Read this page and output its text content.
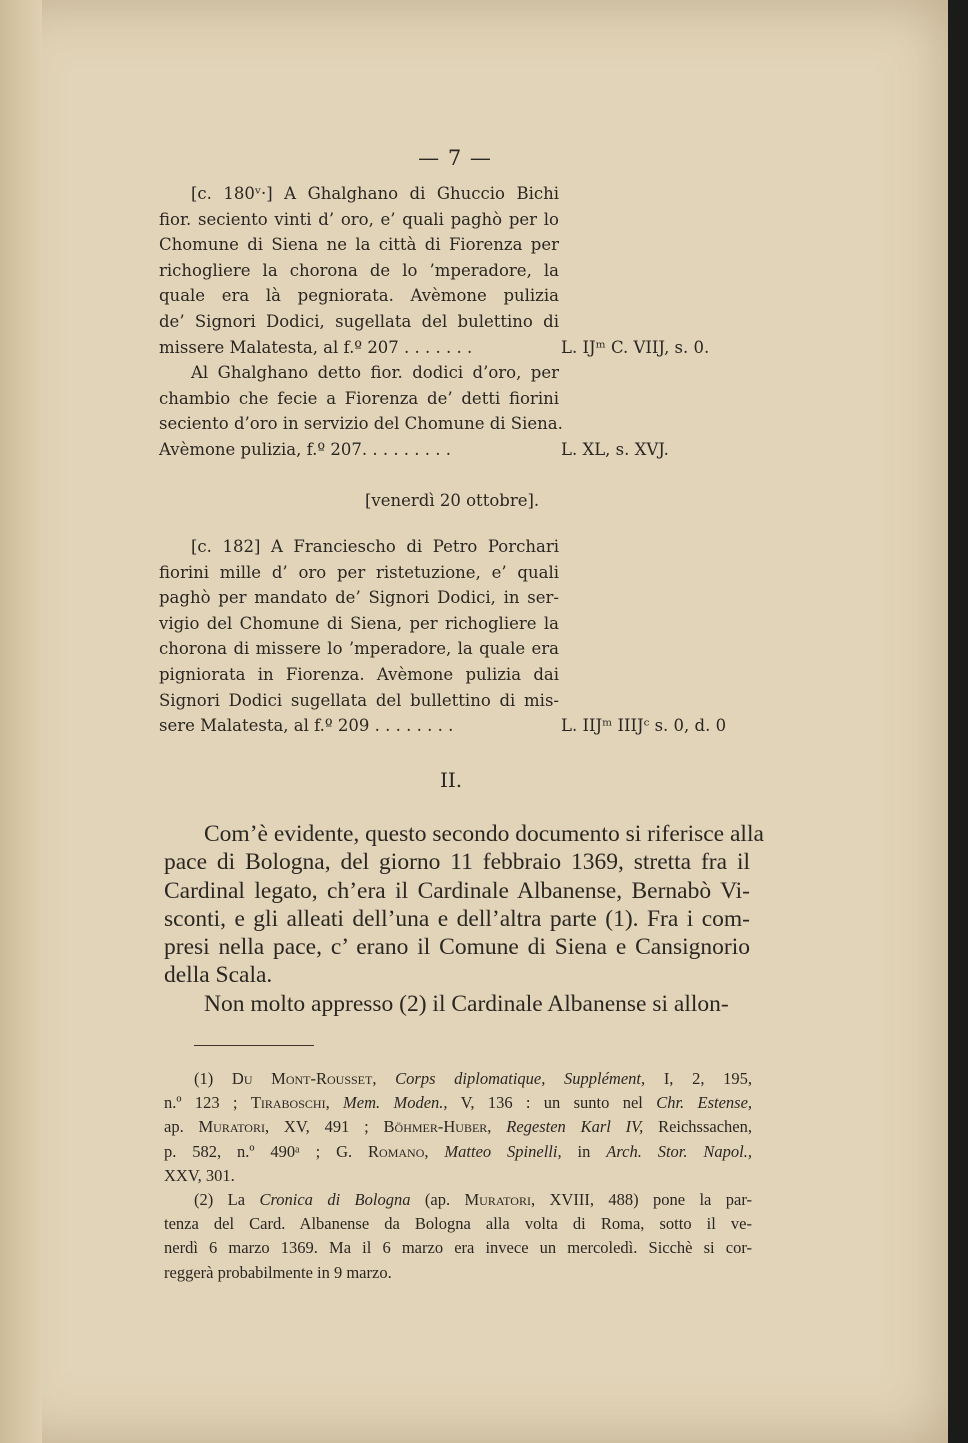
— 7 —
[c. 180ᵛ·] A Ghalghano di Ghuccio Bichi
fior. seciento vinti d’ oro, e’ quali paghò per lo
Chomune di Siena ne la città di Fiorenza per
richogliere la chorona de lo ’mperadore, la
quale era là pegniorata. Avèmone pulizia
de’ Signori Dodici, sugellata del bulettino di
missere Malatesta, al f.º 207 . . . . . . .	L. IJᵐ C. VIIJ, s. 0.
Al Ghalghano detto fior. dodici d’oro, per
chambio che fecie a Fiorenza de’ detti fiorini
seciento d’oro in servizio del Chomune di Siena.
Avèmone pulizia, f.º 207. . . . . . . . .	L. XL, s. XVJ.
[venerdì 20 ottobre].
[c. 182] A Franciescho di Petro Porchari
fiorini mille d’ oro per ristetuzione, e’ quali
paghò per mandato de’ Signori Dodici, in ser-
vigio del Chomune di Siena, per richogliere la
chorona di missere lo ’mperadore, la quale era
pigniorata in Fiorenza. Avèmone pulizia dai
Signori Dodici sugellata del bullettino di mis-
sere Malatesta, al f.º 209 . . . . . . . .	L. IIJᵐ IIIJᶜ s. 0, d. 0
II.
Com’è evidente, questo secondo documento si riferisce alla
pace di Bologna, del giorno 11 febbraio 1369, stretta fra il
Cardinal legato, ch’era il Cardinale Albanense, Bernabò Vi-
sconti, e gli alleati dell’una e dell’altra parte (1). Fra i com-
presi nella pace, c’ erano il Comune di Siena e Cansignorio
della Scala.
Non molto appresso (2) il Cardinale Albanense si allon-
(1) Du Mont-Rousset, Corps diplomatique, Supplément, I, 2, 195,
n.º 123 ; Tiraboschi, Mem. Moden., V, 136 : un sunto nel Chr. Estense,
ap. Muratori, XV, 491 ; Böhmer-Huber, Regesten Karl IV, Reichssachen,
p. 582, n.º 490ᵃ ; G. Romano, Matteo Spinelli, in Arch. Stor. Napol.,
XXV, 301.
(2) La Cronica di Bologna (ap. Muratori, XVIII, 488) pone la par-
tenza del Card. Albanense da Bologna alla volta di Roma, sotto il ve-
nerdì 6 marzo 1369. Ma il 6 marzo era invece un mercoledì. Sicchè si cor-
reggerà probabilmente in 9 marzo.
